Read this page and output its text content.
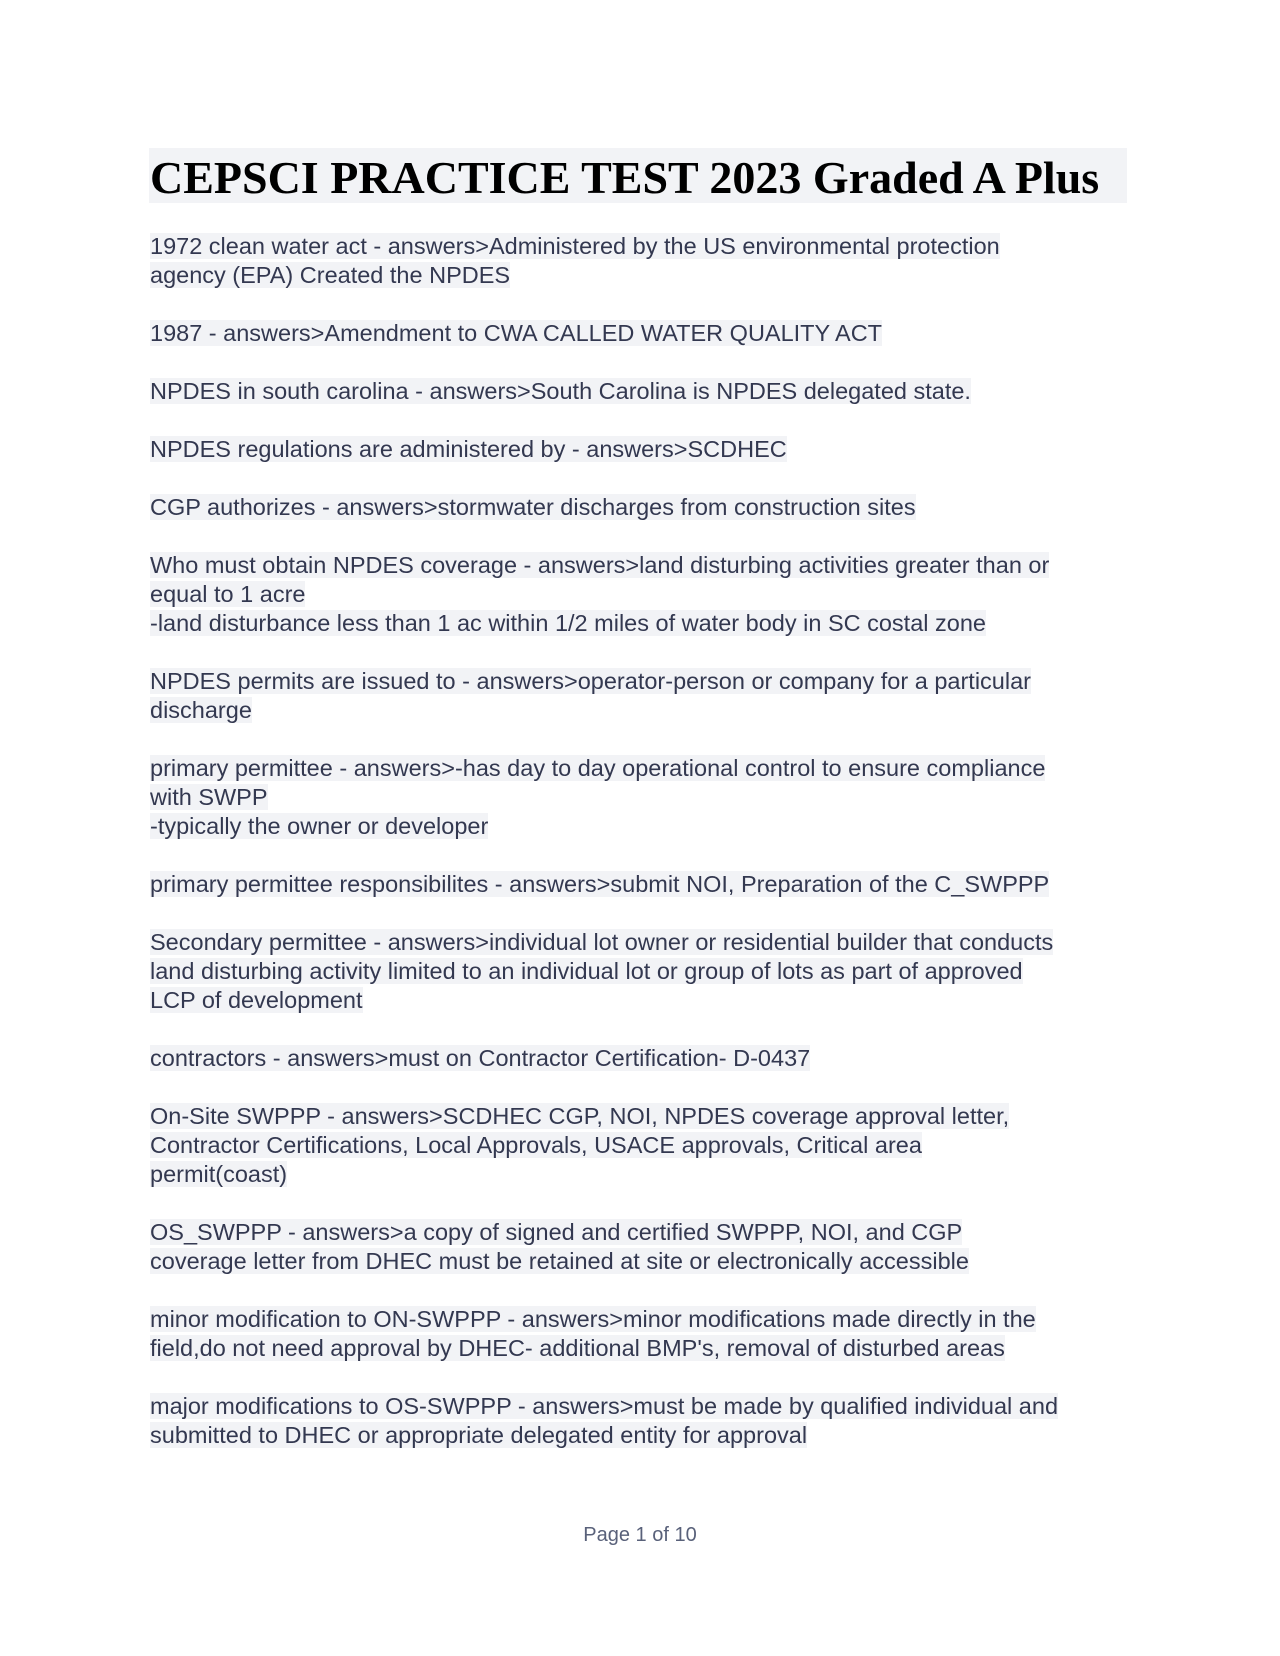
CEPSCI PRACTICE TEST 2023 Graded A Plus
1972 clean water act - answers>Administered by the US environmental protection
agency (EPA) Created the NPDES
1987 - answers>Amendment to CWA CALLED WATER QUALITY ACT
NPDES in south carolina - answers>South Carolina is NPDES delegated state.
NPDES regulations are administered by - answers>SCDHEC
CGP authorizes - answers>stormwater discharges from construction sites
Who must obtain NPDES coverage - answers>land disturbing activities greater than or
equal to 1 acre
-land disturbance less than 1 ac within 1/2 miles of water body in SC costal zone
NPDES permits are issued to - answers>operator-person or company for a particular
discharge
primary permittee - answers>-has day to day operational control to ensure compliance
with SWPP
-typically the owner or developer
primary permittee responsibilites - answers>submit NOI, Preparation of the C_SWPPP
Secondary permittee - answers>individual lot owner or residential builder that conducts
land disturbing activity limited to an individual lot or group of lots as part of approved
LCP of development
contractors - answers>must on Contractor Certification- D-0437
On-Site SWPPP - answers>SCDHEC CGP, NOI, NPDES coverage approval letter,
Contractor Certifications, Local Approvals, USACE approvals, Critical area
permit(coast)
OS_SWPPP - answers>a copy of signed and certified SWPPP, NOI, and CGP
coverage letter from DHEC must be retained at site or electronically accessible
minor modification to ON-SWPPP - answers>minor modifications made directly in the
field,do not need approval by DHEC- additional BMP's, removal of disturbed areas
major modifications to OS-SWPPP - answers>must be made by qualified individual and
submitted to DHEC or appropriate delegated entity for approval
Page 1 of 10
